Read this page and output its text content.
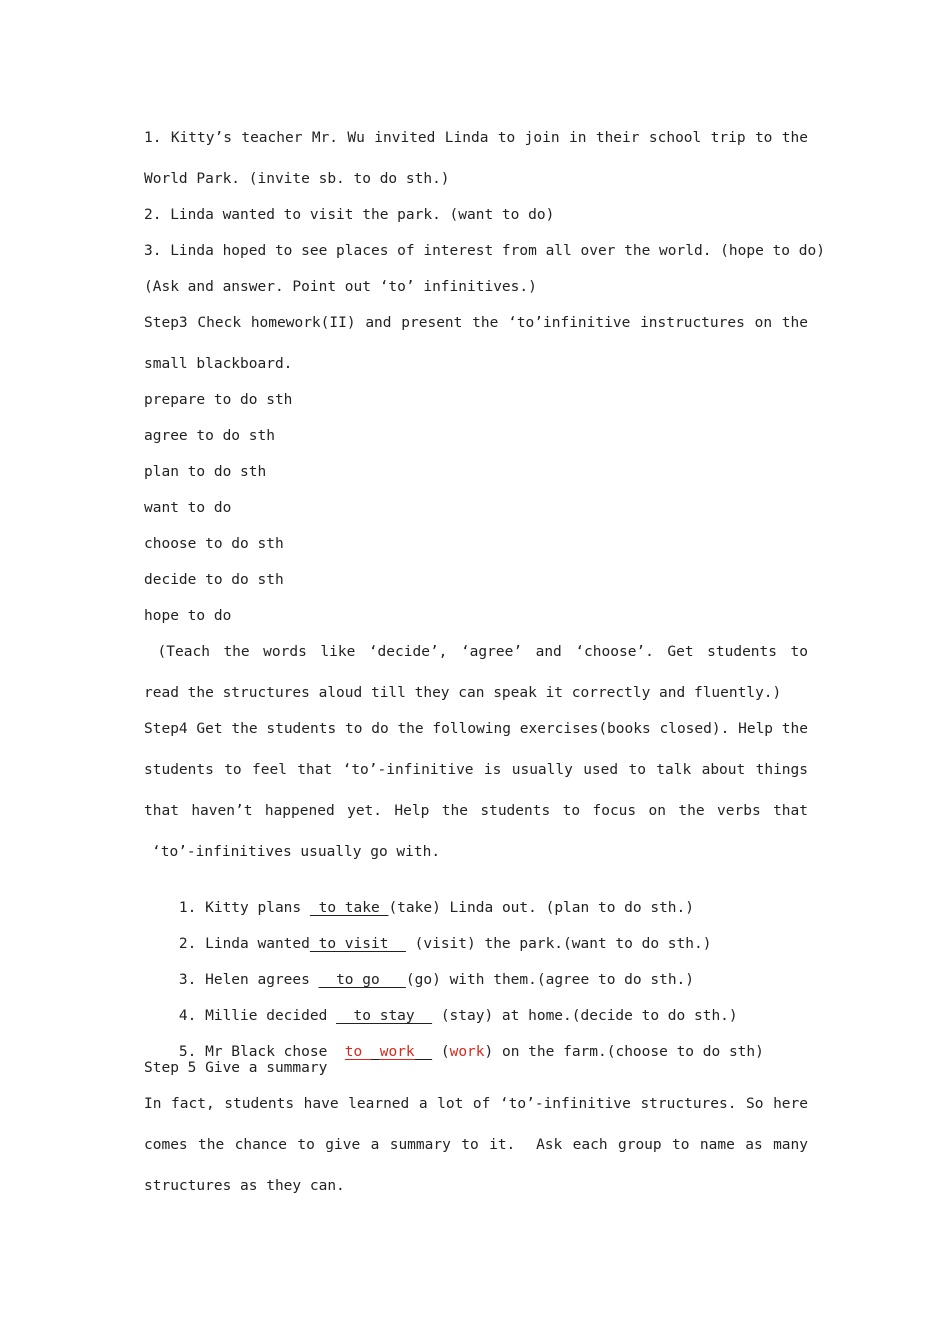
1. Kitty’s teacher Mr. Wu invited Linda to join in their school trip to the
World Park. (invite sb. to do sth.)
2. Linda wanted to visit the park. (want to do)
3. Linda hoped to see places of interest from all over the world. (hope to do)
(Ask and answer. Point out ‘to’ infinitives.)
Step3 Check homework(II) and present the ‘to’infinitive instructures on the
small blackboard.
prepare to do sth
agree to do sth
plan to do sth
want to do
choose to do sth
decide to do sth
hope to do
(Teach the words like ‘decide’, ‘agree’ and ‘choose’. Get students to
read the structures aloud till they can speak it correctly and fluently.)
Step4 Get the students to do the following exercises(books closed). Help the
students to feel that ‘to’-infinitive is usually used to talk about things
that haven’t happened yet. Help the students to focus on the verbs that
‘to’-infinitives usually go with.

1. Kitty plans  to take (take) Linda out. (plan to do sth.)

2. Linda wanted to visit   (visit) the park.(want to do sth.)

3. Helen agrees   to go   (go) with them.(agree to do sth.)

4. Millie decided   to stay   (stay) at home.(decide to do sth.)

5. Mr Black chose  to  work   (work) on the farm.(choose to do sth)

Step 5 Give a summary
In fact, students have learned a lot of ‘to’-infinitive structures. So here
comes the chance to give a summary to it.  Ask each group to name as many
structures as they can.
